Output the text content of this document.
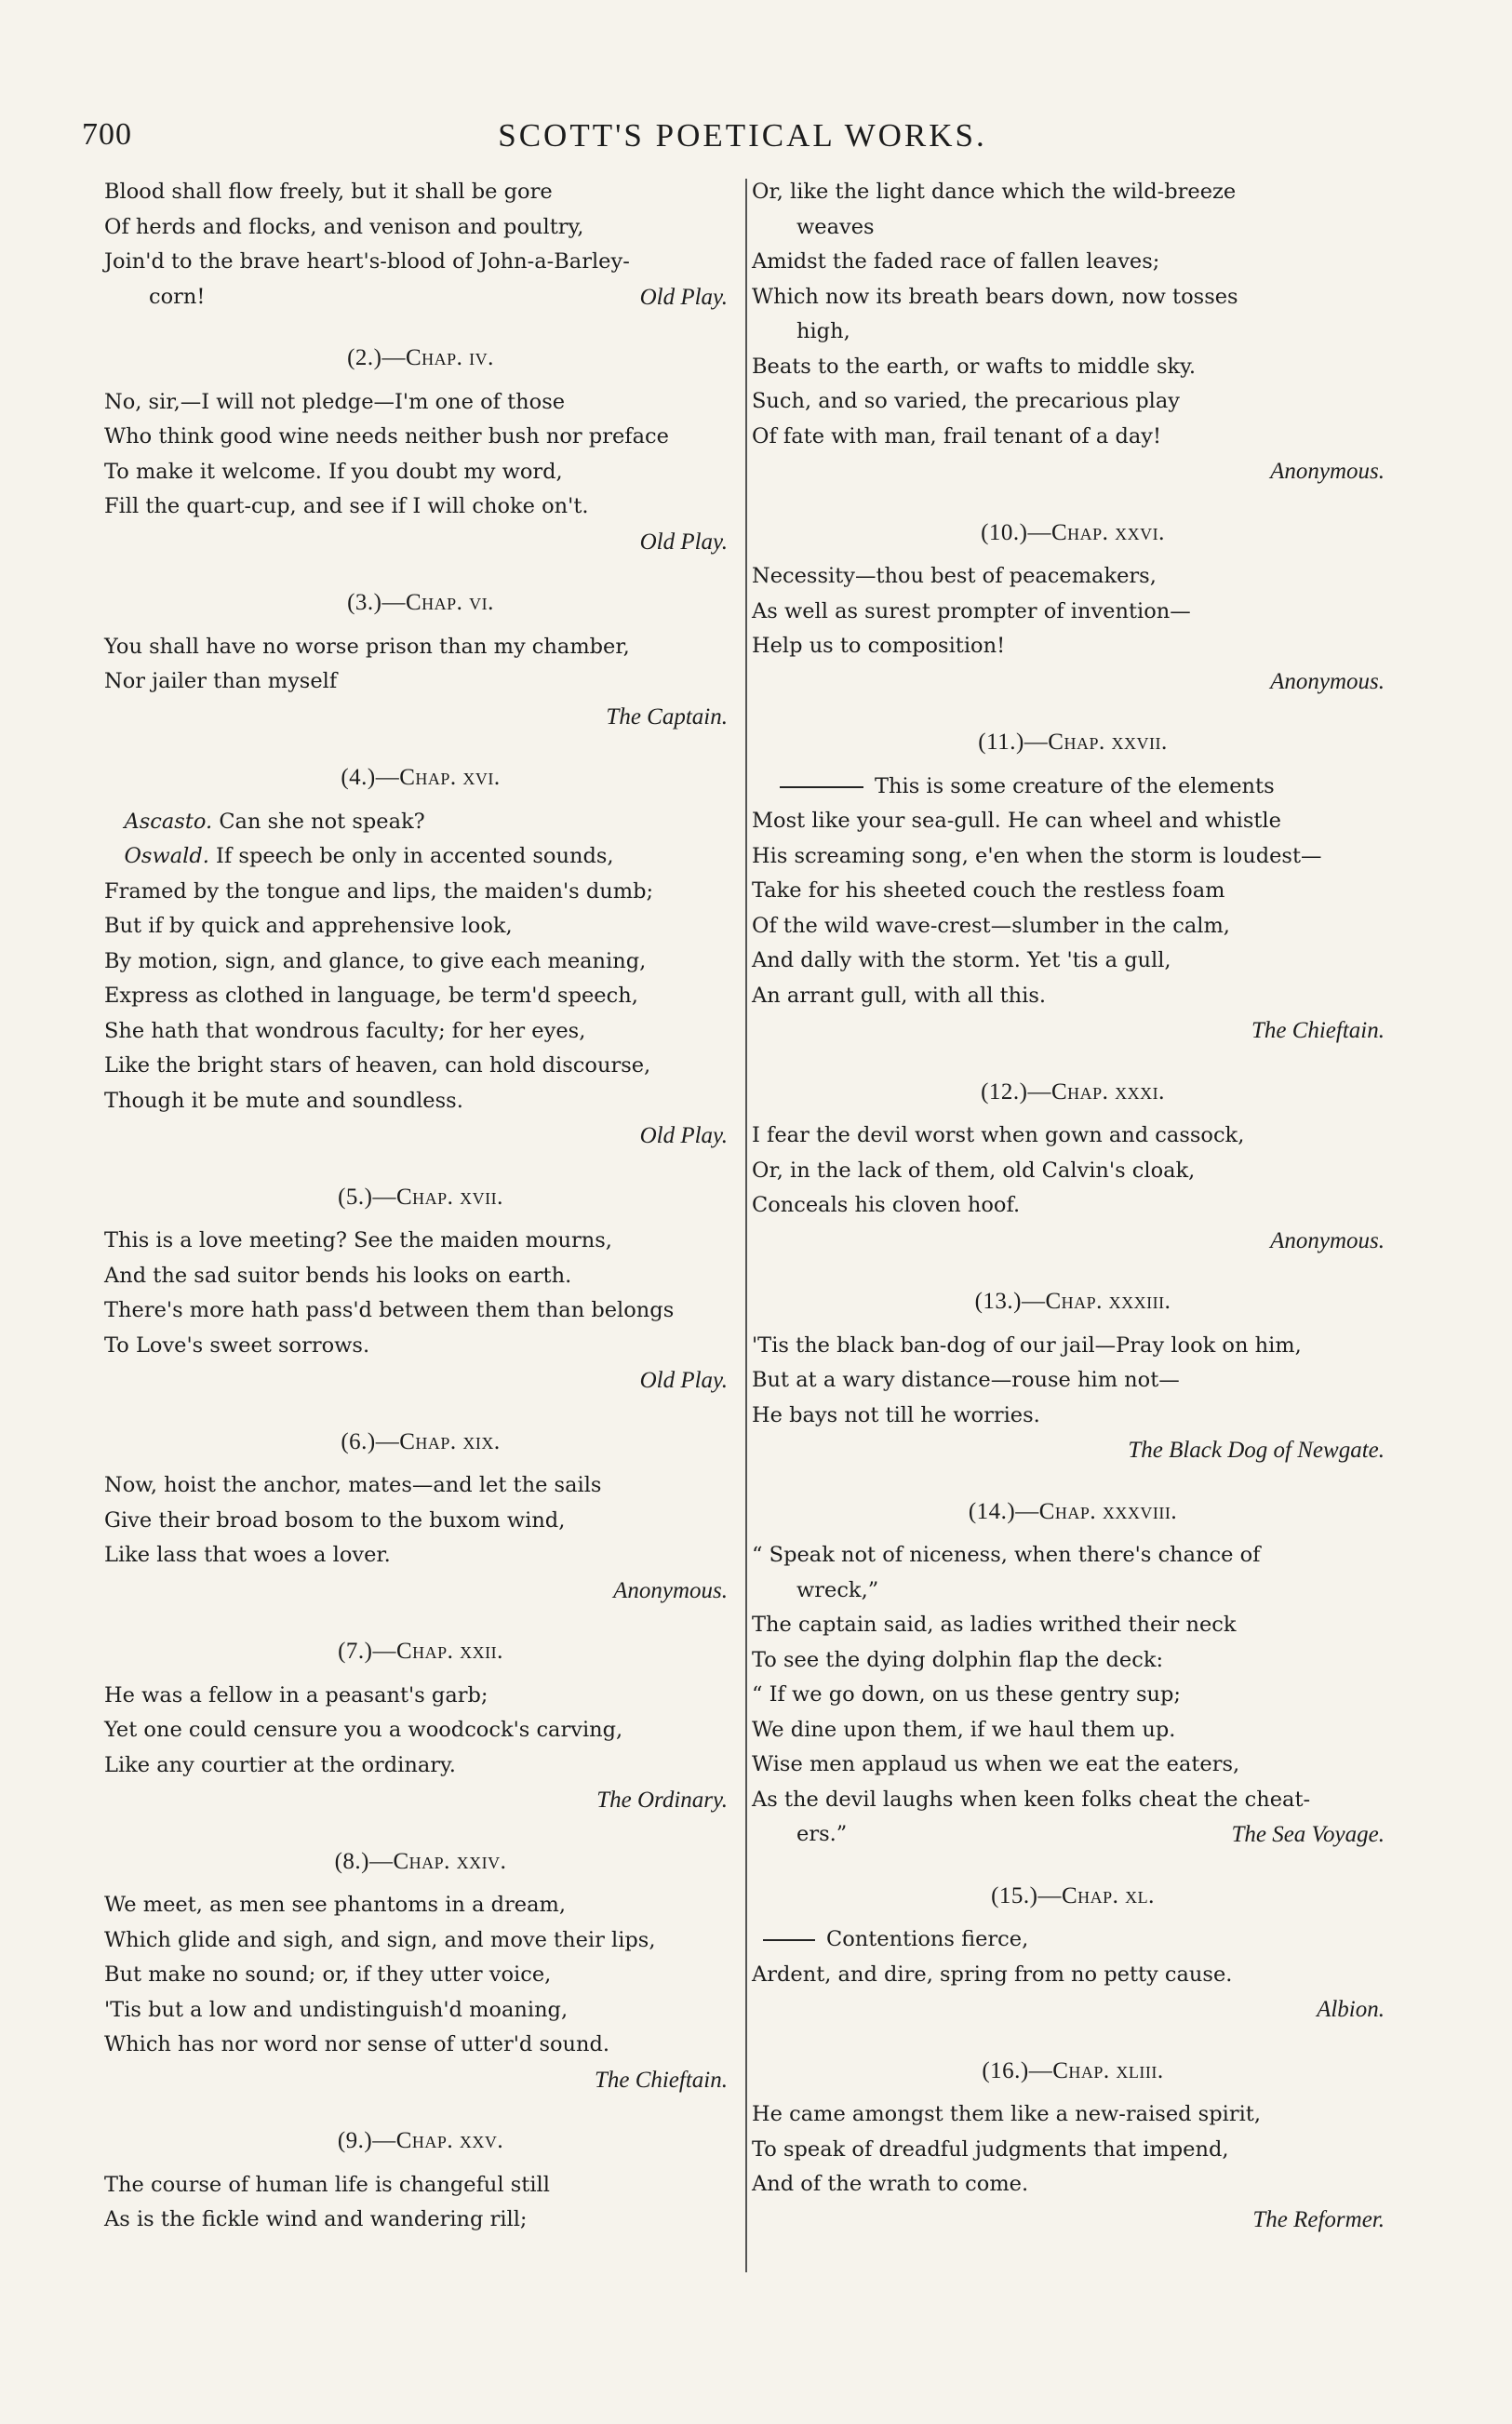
700	SCOTT'S POETICAL WORKS.
Blood shall flow freely, but it shall be gore
Of herds and flocks, and venison and poultry,
Join'd to the brave heart's-blood of John-a-Barley-
corn!	Old Play.
(2.)—Chap. iv.
No, sir,—I will not pledge—I'm one of those
Who think good wine needs neither bush nor preface
To make it welcome. If you doubt my word,
Fill the quart-cup, and see if I will choke on't.
Old Play.
(3.)—Chap. vi.
You shall have no worse prison than my chamber,
Nor jailer than myself
The Captain.
(4.)—Chap. xvi.
Ascasto. Can she not speak?
Oswald. If speech be only in accented sounds,
Framed by the tongue and lips, the maiden's dumb;
But if by quick and apprehensive look,
By motion, sign, and glance, to give each meaning,
Express as clothed in language, be term'd speech,
She hath that wondrous faculty; for her eyes,
Like the bright stars of heaven, can hold discourse,
Though it be mute and soundless.
Old Play.
(5.)—Chap. xvii.
This is a love meeting? See the maiden mourns,
And the sad suitor bends his looks on earth.
There's more hath pass'd between them than belongs
To Love's sweet sorrows.
Old Play.
(6.)—Chap. xix.
Now, hoist the anchor, mates—and let the sails
Give their broad bosom to the buxom wind,
Like lass that woes a lover.
Anonymous.
(7.)—Chap. xxii.
He was a fellow in a peasant's garb;
Yet one could censure you a woodcock's carving,
Like any courtier at the ordinary.
The Ordinary.
(8.)—Chap. xxiv.
We meet, as men see phantoms in a dream,
Which glide and sigh, and sign, and move their lips,
But make no sound; or, if they utter voice,
'Tis but a low and undistinguish'd moaning,
Which has nor word nor sense of utter'd sound.
The Chieftain.
(9.)—Chap. xxv.
The course of human life is changeful still
As is the fickle wind and wandering rill;
Or, like the light dance which the wild-breeze
weaves
Amidst the faded race of fallen leaves;
Which now its breath bears down, now tosses
high,
Beats to the earth, or wafts to middle sky.
Such, and so varied, the precarious play
Of fate with man, frail tenant of a day!
Anonymous.
(10.)—Chap. xxvi.
Necessity—thou best of peacemakers,
As well as surest prompter of invention—
Help us to composition!
Anonymous.
(11.)—Chap. xxvii.
This is some creature of the elements
Most like your sea-gull. He can wheel and whistle
His screaming song, e'en when the storm is loudest—
Take for his sheeted couch the restless foam
Of the wild wave-crest—slumber in the calm,
And dally with the storm. Yet 'tis a gull,
An arrant gull, with all this.
The Chieftain.
(12.)—Chap. xxxi.
I fear the devil worst when gown and cassock,
Or, in the lack of them, old Calvin's cloak,
Conceals his cloven hoof.
Anonymous.
(13.)—Chap. xxxiii.
'Tis the black ban-dog of our jail—Pray look on him,
But at a wary distance—rouse him not—
He bays not till he worries.
The Black Dog of Newgate.
(14.)—Chap. xxxviii.
“ Speak not of niceness, when there's chance of
wreck,”
The captain said, as ladies writhed their neck
To see the dying dolphin flap the deck:
“ If we go down, on us these gentry sup;
We dine upon them, if we haul them up.
Wise men applaud us when we eat the eaters,
As the devil laughs when keen folks cheat the cheat-
ers.”	The Sea Voyage.
(15.)—Chap. xl.
Contentions fierce,
Ardent, and dire, spring from no petty cause.
Albion.
(16.)—Chap. xliii.
He came amongst them like a new-raised spirit,
To speak of dreadful judgments that impend,
And of the wrath to come.
The Reformer.
